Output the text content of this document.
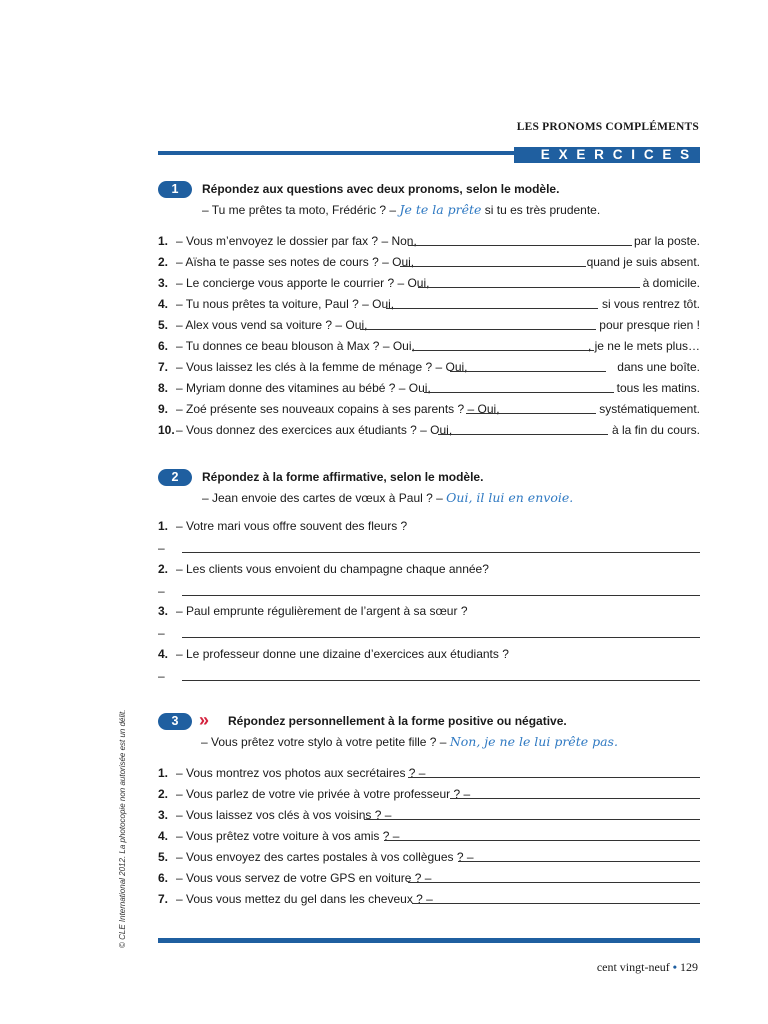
LES PRONOMS COMPLÉMENTS
EXERCICES
1	Répondez aux questions avec deux pronoms, selon le modèle.
– Tu me prêtes ta moto, Frédéric ? – Je te la prête si tu es très prudente.
1. – Vous m’envoyez le dossier par fax ? – Non,	par la poste.
2. – Aïsha te passe ses notes de cours ? – Oui,	quand je suis absent.
3. – Le concierge vous apporte le courrier ? – Oui,	à domicile.
4. – Tu nous prêtes ta voiture, Paul ? – Oui,	si vous rentrez tôt.
5. – Alex vous vend sa voiture ? – Oui,	pour presque rien !
6. – Tu donnes ce beau blouson à Max ? – Oui,	, je ne le mets plus…
7. – Vous laissez les clés à la femme de ménage ? – Oui,	dans une boîte.
8. – Myriam donne des vitamines au bébé ? – Oui,	tous les matins.
9. – Zoé présente ses nouveaux copains à ses parents ? – Oui,	systématiquement.
10.– Vous donnez des exercices aux étudiants ? – Oui,	à la fin du cours.
2	Répondez à la forme affirmative, selon le modèle.
– Jean envoie des cartes de vœux à Paul ? – Oui, il lui en envoie.
1. – Votre mari vous offre souvent des fleurs ?
–
2. – Les clients vous envoient du champagne chaque année?
–
3. – Paul emprunte régulièrement de l’argent à sa sœur ?
–
4. – Le professeur donne une dizaine d’exercices aux étudiants ?
–
3	» Répondez personnellement à la forme positive ou négative.
– Vous prêtez votre stylo à votre petite fille ? – Non, je ne le lui prête pas.
1. – Vous montrez vos photos aux secrétaires ? –
2. – Vous parlez de votre vie privée à votre professeur ? –
3. – Vous laissez vos clés à vos voisins ? –
4. – Vous prêtez votre voiture à vos amis ? –
5. – Vous envoyez des cartes postales à vos collègues ? –
6. – Vous vous servez de votre GPS en voiture ? –
7. – Vous vous mettez du gel dans les cheveux ? –
cent vingt-neuf • 129
© CLE International 2012. La photocopie non autorisée est un délit.
